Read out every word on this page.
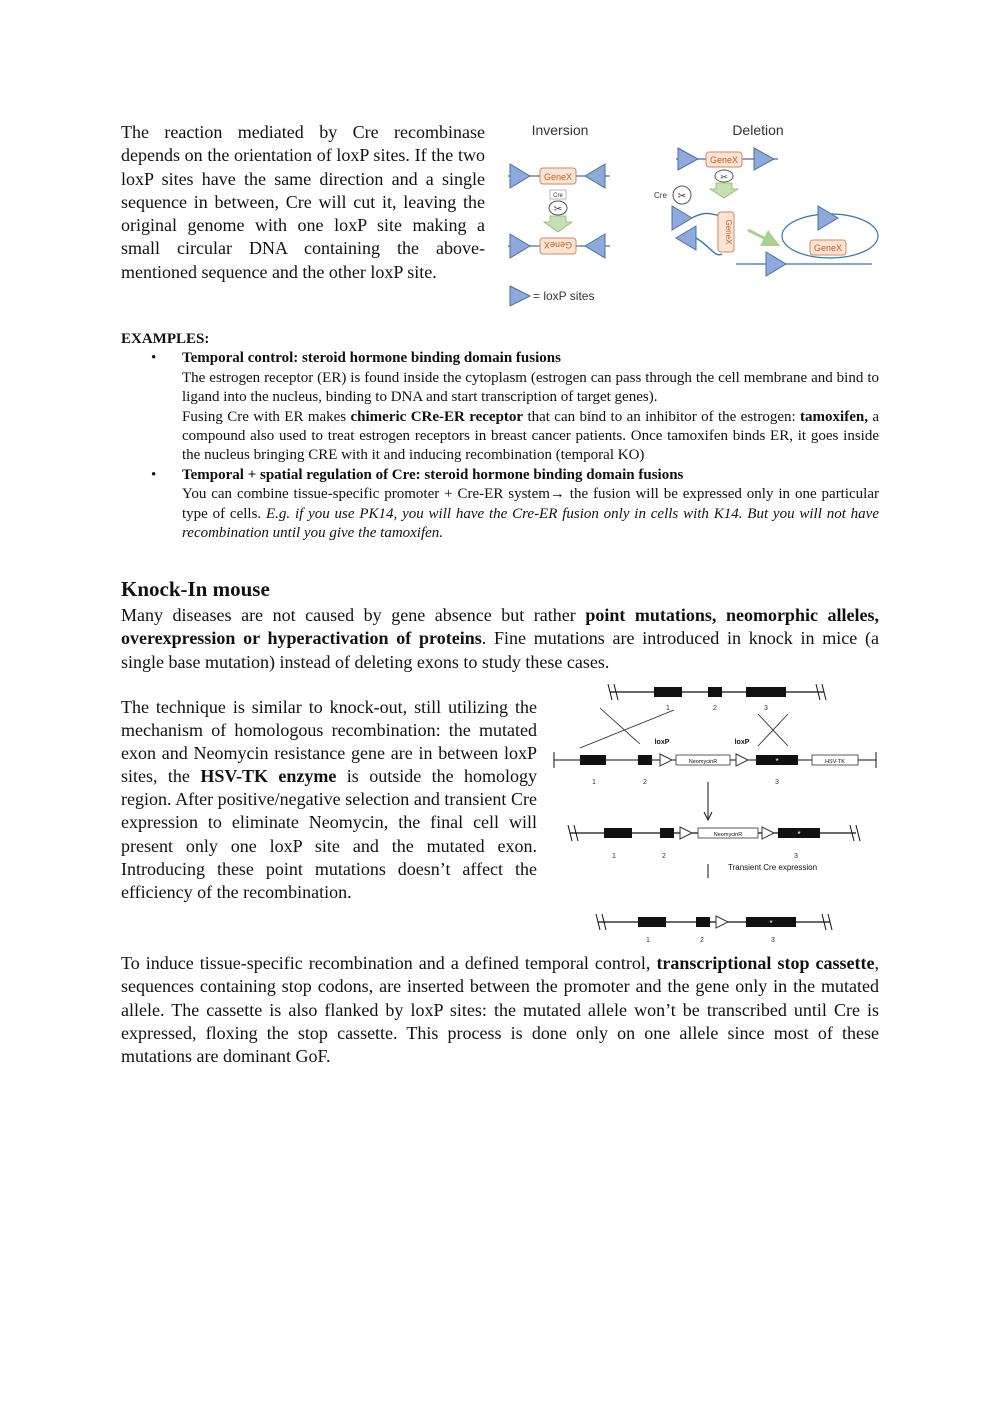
The reaction mediated by Cre recombinase depends on the orientation of loxP sites. If the two loxP sites have the same direction and a single sequence in between, Cre will cut it, leaving the original genome with one loxP site making a small circular DNA containing the above-mentioned sequence and the other loxP site.

Inversion	Deletion
GeneX
Cre
✂
GeneX
= loxP sites
GeneX
✂
Cre ✂
GeneX
GeneX

EXAMPLES:

• Temporal control: steroid hormone binding domain fusions

The estrogen receptor (ER) is found inside the cytoplasm (estrogen can pass through the cell membrane and bind to ligand into the nucleus, binding to DNA and start transcription of target genes).

Fusing Cre with ER makes chimeric CRe-ER receptor that can bind to an inhibitor of the estrogen: tamoxifen, a compound also used to treat estrogen receptors in breast cancer patients. Once tamoxifen binds ER, it goes inside the nucleus bringing CRE with it and inducing recombination (temporal KO)

• Temporal + spatial regulation of Cre: steroid hormone binding domain fusions

You can combine tissue-specific promoter + Cre-ER system→ the fusion will be expressed only in one particular type of cells. E.g. if you use PK14, you will have the Cre-ER fusion only in cells with K14. But you will not have recombination until you give the tamoxifen.

Knock-In mouse

Many diseases are not caused by gene absence but rather point mutations, neomorphic alleles, overexpression or hyperactivation of proteins. Fine mutations are introduced in knock in mice (a single base mutation) instead of deleting exons to study these cases.

The technique is similar to knock-out, still utilizing the mechanism of homologous recombination: the mutated exon and Neomycin resistance gene are in between loxP sites, the HSV-TK enzyme is outside the homology region. After positive/negative selection and transient Cre expression to eliminate Neomycin, the final cell will present only one loxP site and the mutated exon. Introducing these point mutations doesn’t affect the efficiency of the recombination.

1	2	3
loxP	loxP
NeomycinR	*	HSV-TK
1	2	3
NeomycinR	*
1	2	3
Transient Cre expression
*
1	2	3

To induce tissue-specific recombination and a defined temporal control, transcriptional stop cassette, sequences containing stop codons, are inserted between the promoter and the gene only in the mutated allele. The cassette is also flanked by loxP sites: the mutated allele won’t be transcribed until Cre is expressed, floxing the stop cassette. This process is done only on one allele since most of these mutations are dominant GoF.
